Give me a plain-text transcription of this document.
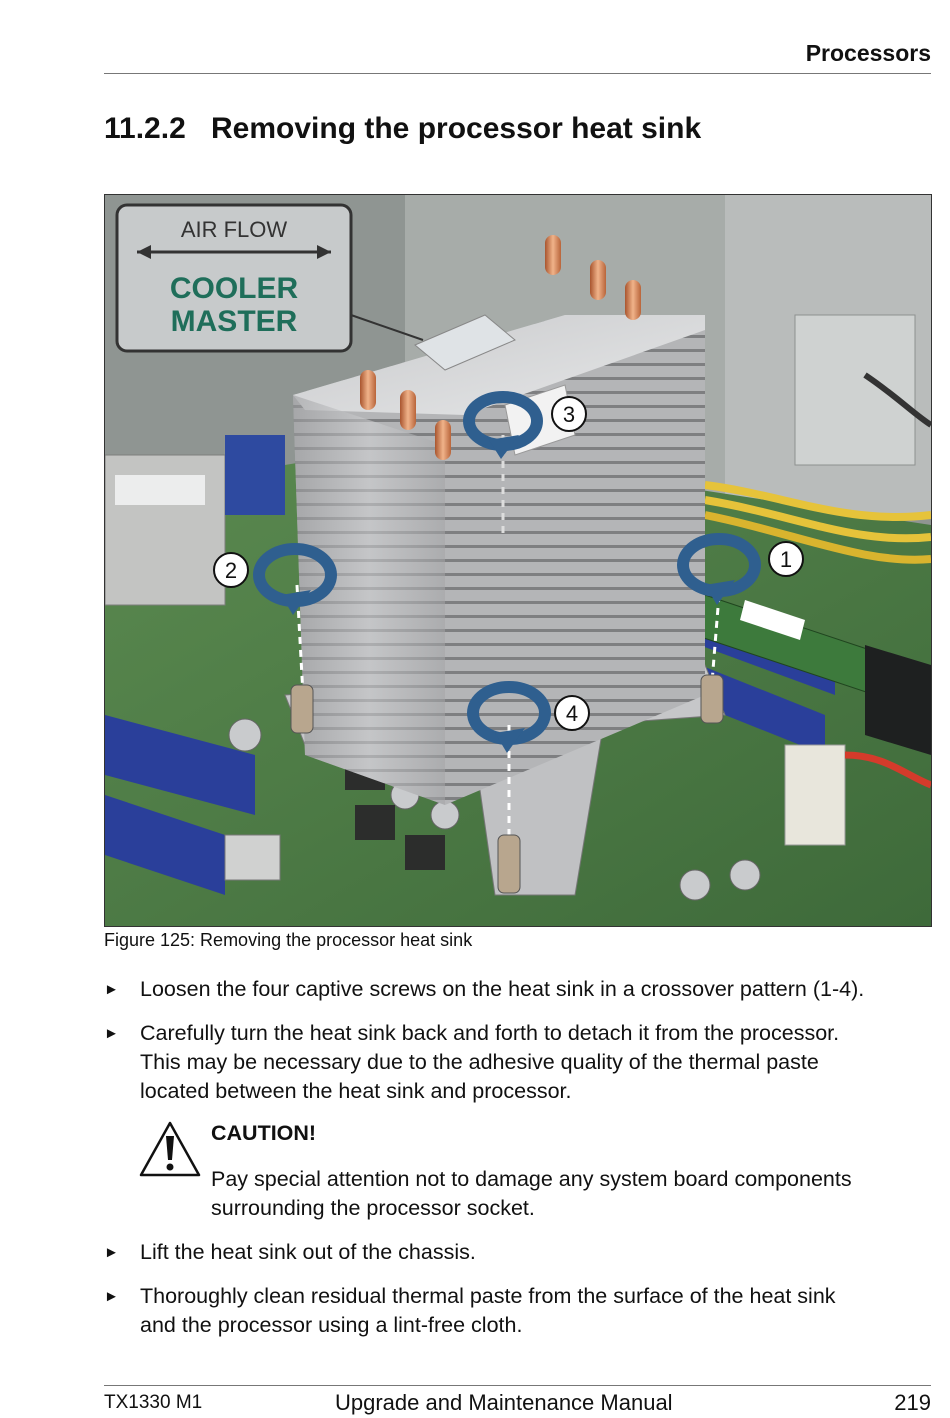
Processors
11.2.2 Removing the processor heat sink
AIR FLOW
COOLER
MASTER
1
2
3
4
Figure 125: Removing the processor heat sink
► Loosen the four captive screws on the heat sink in a crossover pattern (1-4).
► Carefully turn the heat sink back and forth to detach it from the processor.
This may be necessary due to the adhesive quality of the thermal paste
located between the heat sink and processor.
CAUTION!
Pay special attention not to damage any system board components
surrounding the processor socket.
► Lift the heat sink out of the chassis.
► Thoroughly clean residual thermal paste from the surface of the heat sink
and the processor using a lint-free cloth.
TX1330 M1	Upgrade and Maintenance Manual	219
